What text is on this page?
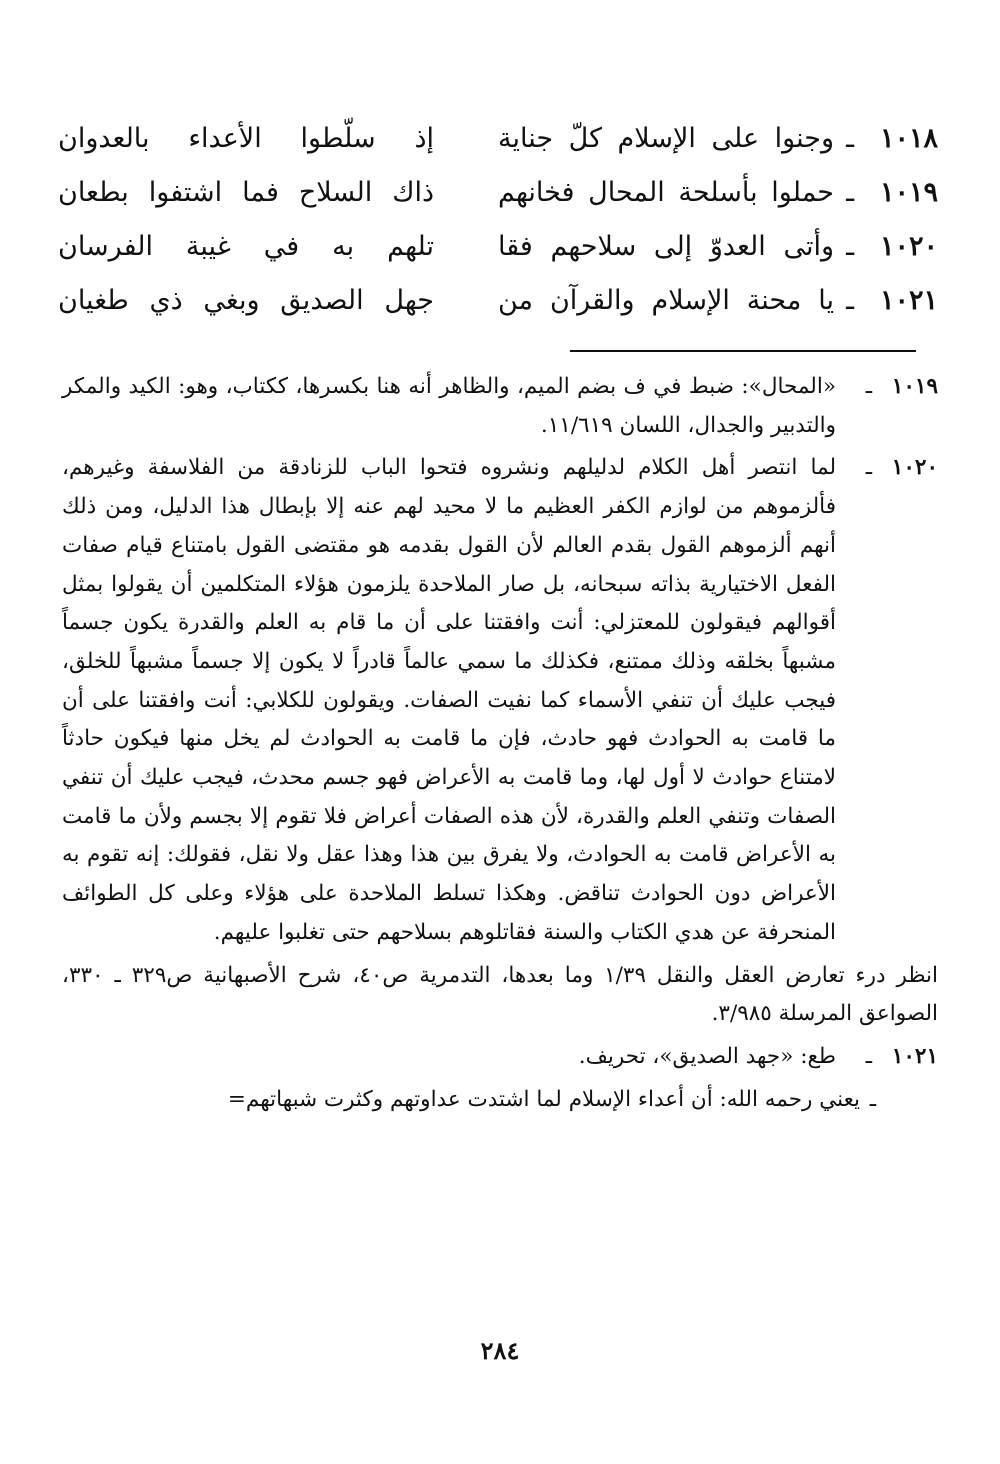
١٠١٨
ـ
وجنوا على الإسلام كلّ جناية
إذ سلّطوا الأعداء بالعدوان
١٠١٩
ـ
حملوا بأسلحة المحال فخانهم
ذاك السلاح فما اشتفوا بطعان
١٠٢٠
ـ
وأتى العدوّ إلى سلاحهم فقا
تلهم به في غيبة الفرسان
١٠٢١
ـ
يا محنة الإسلام والقرآن من
جهل الصديق وبغي ذي طغيان
١٠١٩
ـ

«المحال»: ضبط في ف بضم الميم، والظاهر أنه هنا بكسرها، ككتاب، وهو: الكيد والمكر والتدبير والجدال، اللسان ١١/٦١٩.

١٠٢٠
ـ

لما انتصر أهل الكلام لدليلهم ونشروه فتحوا الباب للزنادقة من الفلاسفة وغيرهم، فألزموهم من لوازم الكفر العظيم ما لا محيد لهم عنه إلا بإبطال هذا الدليل، ومن ذلك أنهم ألزموهم القول بقدم العالم لأن القول بقدمه هو مقتضى القول بامتناع قيام صفات الفعل الاختيارية بذاته سبحانه، بل صار الملاحدة يلزمون هؤلاء المتكلمين أن يقولوا بمثل أقوالهم فيقولون للمعتزلي: أنت وافقتنا على أن ما قام به العلم والقدرة يكون جسماً مشبهاً بخلقه وذلك ممتنع، فكذلك ما سمي عالماً قادراً لا يكون إلا جسماً مشبهاً للخلق، فيجب عليك أن تنفي الأسماء كما نفيت الصفات. ويقولون للكلابي: أنت وافقتنا على أن ما قامت به الحوادث فهو حادث، فإن ما قامت به الحوادث لم يخل منها فيكون حادثاً لامتناع حوادث لا أول لها، وما قامت به الأعراض فهو جسم محدث، فيجب عليك أن تنفي الصفات وتنفي العلم والقدرة، لأن هذه الصفات أعراض فلا تقوم إلا بجسم ولأن ما قامت به الأعراض قامت به الحوادث، ولا يفرق بين هذا وهذا عقل ولا نقل، فقولك: إنه تقوم به الأعراض دون الحوادث تناقض. وهكذا تسلط الملاحدة على هؤلاء وعلى كل الطوائف المنحرفة عن هدي الكتاب والسنة فقاتلوهم بسلاحهم حتى تغلبوا عليهم.

انظر درء تعارض العقل والنقل ١/٣٩ وما بعدها، التدمرية ص٤٠، شرح الأصبهانية ص٣٢٩ ـ ٣٣٠، الصواعق المرسلة ٣/٩٨٥.

١٠٢١
ـ

طع: «جهد الصديق»، تحريف.

ـ

يعني رحمه الله: أن أعداء الإسلام لما اشتدت عداوتهم وكثرت شبهاتهم=

٢٨٤
